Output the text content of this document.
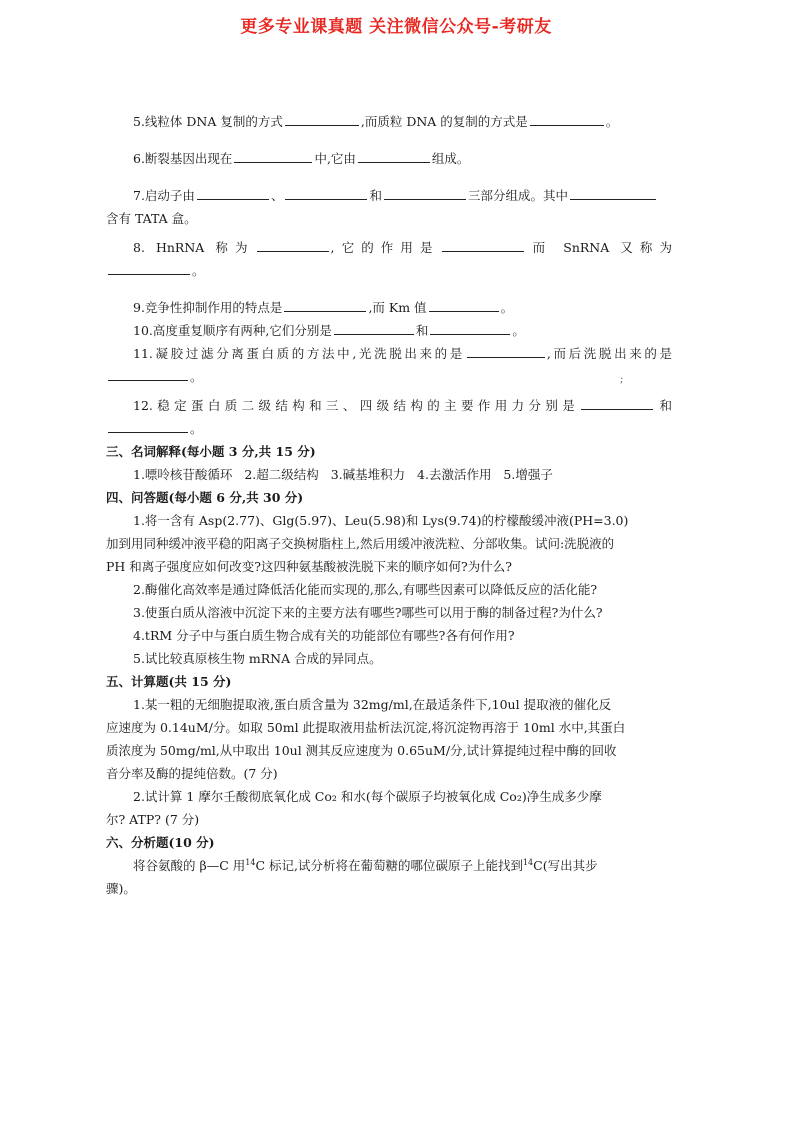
更多专业课真题 关注微信公众号-考研友
5.线粒体 DNA 复制的方式	,而质粒 DNA 的复制的方式是	。
6.断裂基因出现在	中,它由	组成。
7.启动子由	、	和	三部分组成。其中
含有 TATA 盒。
8. HnRNA 称为	,它的作用是	而 SnRNA 又称为
。
9.竞争性抑制作用的特点是	,而 Km 值	。
10.高度重复顺序有两种,它们分别是	和	。
11.凝胶过滤分离蛋白质的方法中,光洗脱出来的是	,而后洗脱出来的是
。
12.稳定蛋白质二级结构和三、四级结构的主要作用力分别是	和
。
三、名词解释(每小题 3 分,共 15 分)
1.嘌呤核苷酸循环   2.超二级结构   3.碱基堆积力   4.去激活作用   5.增强子
四、问答题(每小题 6 分,共 30 分)
1.将一含有 Asp(2.77)、Glg(5.97)、Leu(5.98)和 Lys(9.74)的柠檬酸缓冲液(PH=3.0)
加到用同种缓冲液平稳的阳离子交换树脂柱上,然后用缓冲液洗粒、分部收集。试问:洗脱液的
PH 和离子强度应如何改变?这四种氨基酸被洗脱下来的顺序如何?为什么?
2.酶催化高效率是通过降低活化能而实现的,那么,有哪些因素可以降低反应的活化能?
3.使蛋白质从溶液中沉淀下来的主要方法有哪些?哪些可以用于酶的制备过程?为什么?
4.tRM 分子中与蛋白质生物合成有关的功能部位有哪些?各有何作用?
5.试比较真原核生物 mRNA 合成的异同点。
五、计算题(共 15 分)
1.某一粗的无细胞提取液,蛋白质含量为 32mg/ml,在最适条件下,10ul 提取液的催化反
应速度为 0.14uM/分。如取 50ml 此提取液用盐析法沉淀,将沉淀物再溶于 10ml 水中,其蛋白
质浓度为 50mg/ml,从中取出 10ul 测其反应速度为 0.65uM/分,试计算提纯过程中酶的回收
音分率及酶的提纯倍数。(7 分)
2.试计算 1 摩尔壬酸彻底氧化成 Co₂ 和水(每个碳原子均被氧化成 Co₂)净生成多少摩
尔? ATP? (7 分)
六、分析题(10 分)
将谷氨酸的 β—C 用$^{14}$C 标记,试分析将在葡萄糖的哪位碳原子上能找到$^{14}$C(写出其步
骤)。
;
